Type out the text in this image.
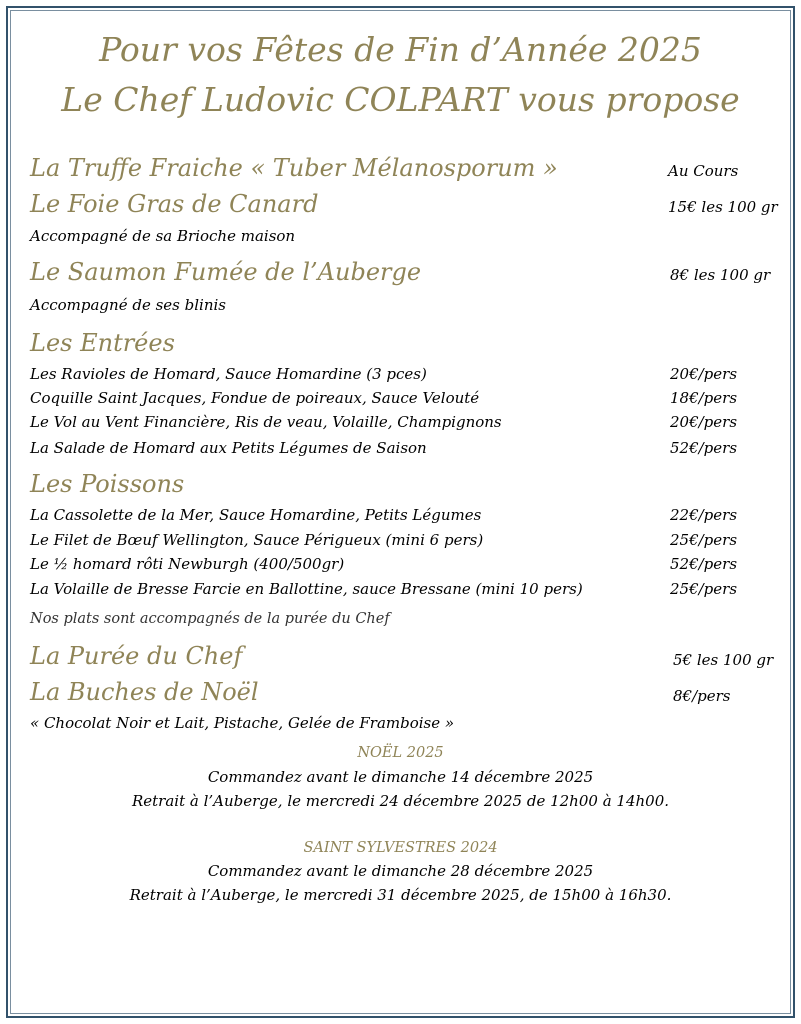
Pour vos Fêtes de Fin d’Année 2025
Le Chef Ludovic COLPART vous propose
La Truffe Fraiche « Tuber Mélanosporum »	Au Cours
Le Foie Gras de Canard	15€ les 100 gr
Accompagné de sa Brioche maison
Le Saumon Fumée de l’Auberge	8€ les 100 gr
Accompagné de ses blinis
Les Entrées
Les Ravioles de Homard, Sauce Homardine (3 pces)	20€/pers
Coquille Saint Jacques, Fondue de poireaux, Sauce Velouté	18€/pers
Le Vol au Vent Financière, Ris de veau, Volaille, Champignons	20€/pers
La Salade de Homard aux Petits Légumes de Saison	52€/pers
Les Poissons
La Cassolette de la Mer, Sauce Homardine, Petits Légumes	22€/pers
Le Filet de Bœuf Wellington, Sauce Périgueux (mini 6 pers)	25€/pers
Le ½ homard rôti Newburgh (400/500gr)	52€/pers
La Volaille de Bresse Farcie en Ballottine, sauce Bressane (mini 10 pers)	25€/pers
Nos plats sont accompagnés de la purée du Chef
La Purée du Chef	5€ les 100 gr
La Buches de Noël	8€/pers
« Chocolat Noir et Lait, Pistache, Gelée de Framboise »
NOËL 2025
Commandez avant le dimanche 14 décembre 2025
Retrait à l’Auberge, le mercredi 24 décembre 2025 de 12h00 à 14h00.
SAINT SYLVESTRES 2024
Commandez avant le dimanche 28 décembre 2025
Retrait à l’Auberge, le mercredi 31 décembre 2025, de 15h00 à 16h30.
